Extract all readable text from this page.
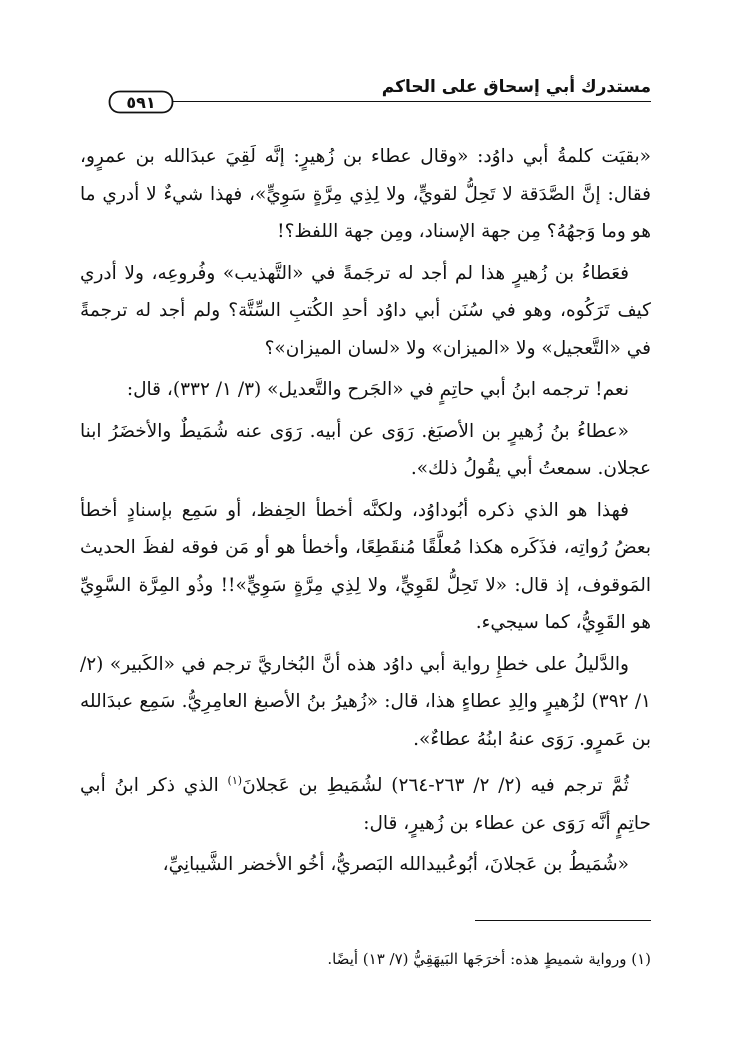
مستدرك أبي إسحاق على الحاكم
٥٩١

«بقيَت كلمةُ أبي داوُد: «وقال عطاء بن زُهيرٍ: إنَّه لَقِيَ عبدَالله بن عمرٍو، فقال: إنَّ الصَّدَقة لا تَحِلُّ لقويٍّ، ولا لِذِي مِرَّةٍ سَوِيٍّ»، فهذا شيءٌ لا أدري ما هو وما وَجهُهُ؟ مِن جهة الإسناد، ومِن جهة اللفظ؟!

فعَطاءُ بن زُهيرٍ هذا لم أجد له ترجَمةً في «التَّهذيب» وفُروعِه، ولا أدري كيف تَرَكُوه، وهو في سُنَن أبي داوُد أحدِ الكُتبِ السِّتَّة؟ ولم أجد له ترجمةً في «التَّعجيل» ولا «الميزان» ولا «لسان الميزان»؟

نعم! ترجمه ابنُ أبي حاتِمٍ في «الجَرح والتَّعديل» (٣/ ١/ ٣٣٢)، قال:

«عطاءُ بنُ زُهيرٍ بن الأصبَغ. رَوَى عن أبيه. رَوَى عنه شُمَيطٌ والأخضَرُ ابنا عجلان. سمعتُ أبي يقُولُ ذلك».

فهذا هو الذي ذكره أبُوداوُد، ولكنَّه أخطأ الحِفظ، أو سَمِع بإسنادٍ أخطأ بعضُ رُواتِه، فذَكَره هكذا مُعلَّقًا مُنقَطِعًا، وأخطأ هو أو مَن فوقه لفظَ الحديث المَوقوف، إذ قال: «لا تَحِلُّ لقَوِيٍّ، ولا لِذِي مِرَّةٍ سَوِيٍّ»!! وذُو المِرَّة السَّوِيِّ هو القَوِيُّ، كما سيجيء.

والدَّليلُ على خطإِ رواية أبي داوُد هذه أنَّ البُخاريَّ ترجم في «الكَبير» (٢/ ١/ ٣٩٢) لزُهيرٍ والِدِ عطاءٍ هذا، قال: «زُهيرُ بنُ الأصبغ العامِرِيُّ. سَمِع عبدَالله بن عَمرٍو. رَوَى عنهُ ابنُهُ عطاءٌ».

ثُمَّ ترجم فيه (٢/ ٢/ ٢٦٣-٢٦٤) لشُمَيطِ بن عَجلانَ$^{(١)}$ الذي ذكر ابنُ أبي حاتِمٍ أنَّه رَوَى عن عطاء بن زُهيرٍ، قال:

«شُمَيطُ بن عَجلانَ، أبُوعُبيدالله البَصريُّ، أخُو الأخضر الشَّيبانِيِّ،

(١) ورواية شميطٍ هذه: أخرَجَها البَيهَقِيُّ (٧/ ١٣) أيضًا.
